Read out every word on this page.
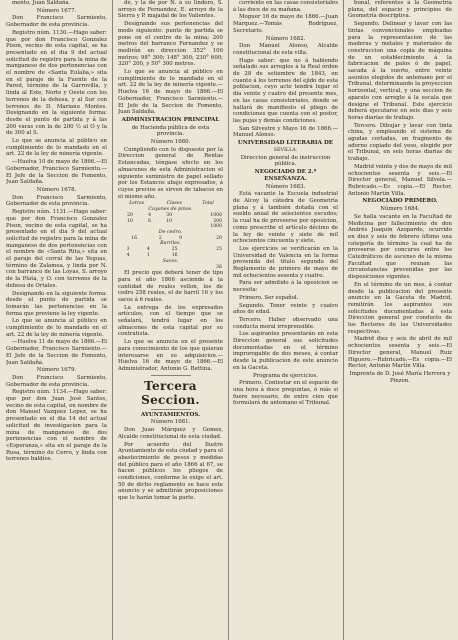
mento, Juan Saldaña.

Número 1677.

Don Francisco Sarmiento, Gobernador de esta provincia.

Registro núm. 1130.—Hago saber: que por don Francisco Gonzalez Pison, vecino de esta capital, se ha presentado en el dia 9 del actual solicitud de registro para la mina de manganeso de dos pertenencias con el nombre de «Santa Eulalia,» sita en el paraje de la Fuente de la Pared, término de la Garrovilla, y linda al Este, Norte y Oeste con los terrenos de la dehesa, y al Sur con terrenos de D. Mariano Montes. Designando en la siguiente forma: desde el punto de partida y á las 200 varas con la de 200 ½ al O y la de 300 al S.

Lo que se anuncia al público en cumplimiento de lo mandado en el art. 22 de la ley de minería vigente.

—Huelva 10 de mayo de 1866.—El Gobernador, Francisco Sarmiento.—El Jefe de la Seccion de Fomento, Juan Saldaña.

Número 1678.

Don Francisco Sarmiento, Gobernador de esta provincia.

Registro núm. 1131.—Hago saber: que por don Francisco Gonzalez Pison, vecino de esta capital, se ha presentado en el dia 9 del actual solicitud de registro para la mina de manganeso de dos pertenencias con el nombre de «Santa Rita,» sita en el paraje del corral de las Yeguas, término de Zalamea, y linda por N. con barranco de las Loyas, S. arroyo de la Plata, y O. con terrenos de la dehesa de Ortales.

Designando en la siguiente forma: desde el punto de partida se tomarán las pertenencias en la forma que previene la ley vigente.

Lo que se anuncia al público en cumplimiento de lo mandado en el art. 22 de la ley de minería vigente.

—Huelva 11 de mayo de 1866.—El Gobernador, Francisco Sarmiento.—El Jefe de la Seccion de Fomento, Juan Saldaña.

Número 1679.

Don Francisco Sarmiento, Gobernador de esta provincia.

Registro núm. 1134.—Hago saber: que por don Juan José Santos, vecino de esta capital, en nombre de don Manuel Vazquez Lopez, se ha presentado en el dia 14 del actual solicitud de investigacion para la mina de manganeso de dos pertenencias con el nombre de «Esperanza,» sita en el paraje de la Rosa, término de Cerro, y linda con terrenos baldíos.

de, y la de por N. á su lindero, S. arroyo de Fernandez, E. arroyo de la Sierra y P. majadal de los Valientes.

Designando sus pertenencias del modo siguiente: punto de partida se pone en el centro de la mina; 200 metros del barranco Fernandez y se medirán en direccion 352° 100 metros; 98° 300; 148° 300; 230° 600; 320° 200, y 50° 300 metros.

Lo que se anuncia al público en cumplimiento de lo mandado en el art. 22 de la ley de minería vigente.—Huelva 16 de mayo de 1866.—El Gobernador, Francisco Sarmiento.—El Jefe de la Seccion de Fomento, Juan Saldaña.

ADMINISTRACION PRINCIPAL

de Hacienda pública de esta provincia.

Número 1680.

Cumpliendo con lo dispuesto por la Direccion general de Rentas Estancadas, téngase efecto en los almacenes de esta Administracion el siguiente suministro de papel sellado por los Estancos abajo expresados, á cuyos precios se sirven de tabacos en el mismo año.

Letras	Clases	Total
Cuyanes de pinos.
20	4	30	1000
10	6	10	200
			1000
De cedro.
16	2	9	20
Barriles.
3	4	25	25
4	1	16	
Sacos.
			36

El precio que deberá tener de tipo para el año 1866 asciende á la cantidad de reales vellon, los de cedro 258 reales, el de barril 16 y los sacos á 6 reales.

La entrega de los expresados artículos, con el tiempo que se señalará, tendrá lugar en los almacenes de esta capital por su contratista.

Lo que se anuncia en el presente para conocimiento de los que quieran interesarse en su adquisicion.—Huelva 16 de mayo de 1866.—El Administrador, Antonio G. Bettina.

Tercera Seccion.

AYUNTAMIENTOS.

Número 1681.

Don Juan Márquez y Gomez, Alcalde constitucional de esta ciudad.

Por acuerdo del Ilustre Ayuntamiento de esta ciudad y para el abastecimiento de pesos y medidas del público para el año 1866 al 67, se hacen públicos los pliegos de condiciones, conforme lo exige el art. 50 de dicho reglamento se hace este anuncio y se admitirán proposiciones que lo harán tomar la parte.

corriente en las casas consistoriales á las doce de su mañana.

Moguer 16 de mayo de 1866.—Juan Márquez.—Tomás Rodríguez, Secretario.

Número 1682.

Don Manuel Alonso, Alcalde constitucional de esta villa.

Hago saber: que no á habiendo señalado sus arreglos á la Real órden de 28 de setiembre de 1843, en cuanto á los terrenos del ejido de esta poblacion, cuyo acto tendrá lugar el dia veinte y cuatro del presente mes, en las casas consistoriales, donde se hallará de manifiesto el pliego de condiciones que cuenta con el postor, las pujas y demás condiciones.

San Silvestre y Mayo 16 de 1866.—Manuel Alonso.

UNIVERSIDAD LITERARIA DE

SEVILLA.

Direccion general de instruccion pública.

NEGOCIADO DE 2.ª ENSEÑANZA.

Número 1683.

Está vacante la Escuela industrial de Alcoy la cátedra de Geometría plana y á también dotada con el sueldo anual de seiscientos escudos; la cual ha de proveerse por oposicion, como prescribe el artículo décimo de la ley de veinte y siete de mil ochocientos cincuenta y siete.

Los ejercicios se verificarán en la Universidad de Valencia en la forma prevenida del título segundo del Reglamento de primero de mayo de mil ochocientos sesenta y cuatro.

Para ser admitido á la oposicion se necesita:

Primero. Ser español.

Segundo. Tener veinte y cuatro años de edad.

Tercero. Haber observado una conducta moral irreprensible.

Los aspirantes presentarán en esta Direccion general sus solicitudes documentadas en el término improrogable de dos meses, á contar desde la publicacion de este anuncio en la Gaceta.

Programa de ejercicios.

Primero. Contestar en el espacio de una hora á doce preguntas, ó más si fuere necesario, de entre cien que formulará de antemano el Tribunal.

bunal, referentes á la Geometría plana, del espacio y principios de Geometría descriptiva.

Segundo. Delinear y lavar con las tintas convencionales empleadas para la representacion de las maderas y metales y materiales de construccion una copia de máquina de un establecimiento á la fabricacion de palos ó de papel, sacada á la suerte, entre veinte asuntos elegidos de antemano por el Tribunal, determinando la proyeccion horizontal, vertical, y una seccion de aparato con arreglo á la escala que designe el Tribunal. Este ejercicio deberá ejecutarse en seis dias y seis horas diarias de trabajo.

Tercero. Dibujar y lavar con tinta china, y empleando el sistema de agudas cortadas, un fragmento de adorno copiado del yeso, elegido por el Tribunal, en seis horas diarias de trabajo.

Madrid veinte y dos de mayo de mil ochocientos sesenta y seis.—El Director general, Manuel Silvela.—Rubricado.—Es copia.—El Rector, Antonio Martín Villa.

NEGOCIADO PRIMERO.

Número 1684.

Se halla vacante en la Facultad de Medicina por fallecimiento de don Andrés Joaquin Azopardo, ocurrido en diez y seis de febrero último una categoría de término la cual ha de proveerse por concurso entre los Catedráticos de ascenso de la misma Facultad que reunan las circunstancias prevenidas por las disposiciones vigentes.

En el término de un mes, á contar desde la publicacion del presente anuncio en la Gaceta de Madrid, remitirán los aspirantes sus solicitudes documentadas á esta Direccion general por conducto de los Rectores de las Universidades respectivas.

Madrid diez y seis de abril de mil ochocientos sesenta y seis.—El Director general, Manuel Ruiz Higuero.—Rubricado.—Es copia.—El Rector, Antonio Martín Villa.

Imprenta de D. José María Herrera y Pinzon.
